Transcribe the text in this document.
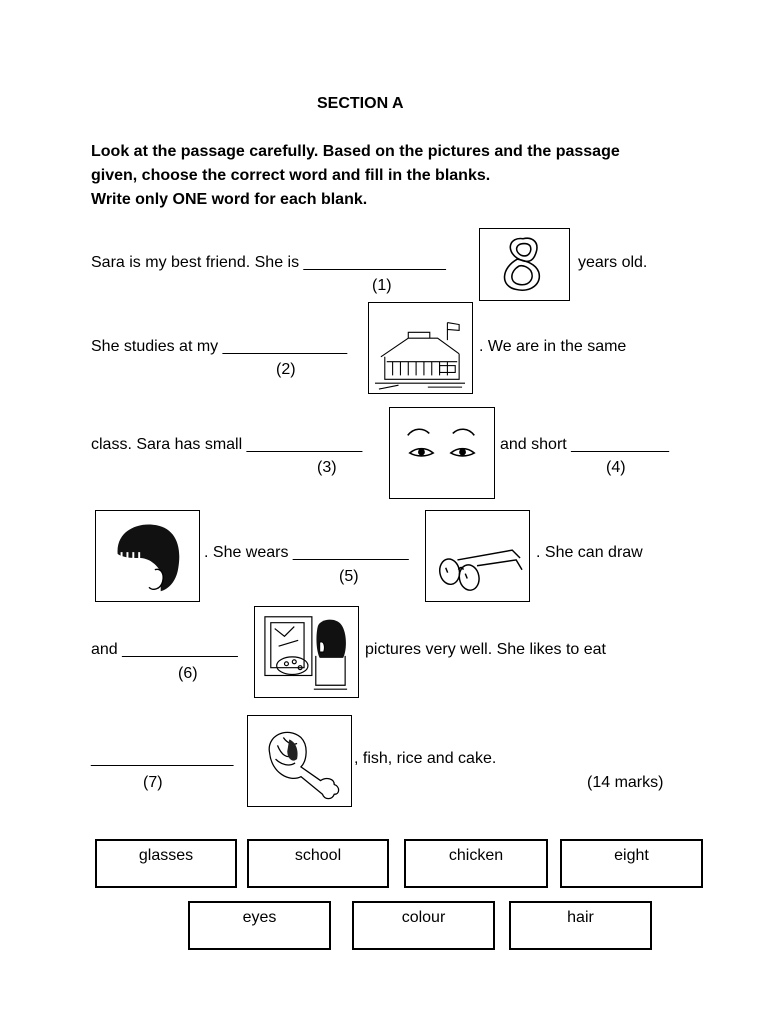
SECTION A
Look at the passage carefully. Based on the pictures and the passage
given, choose the correct word and fill in the blanks.
Write only ONE word for each blank.
Sara is my best friend. She is ________________	years old.
(1)
She studies at my ______________	. We are in the same
(2)
class. Sara has small _____________	and short ___________
(3)	(4)
. She wears _____________	. She can draw
(5)
and _____________	pictures very well. She likes to eat
(6)
________________	, fish, rice and cake.
(7)	(14 marks)
glasses	school	chicken	eight
eyes	colour	hair
